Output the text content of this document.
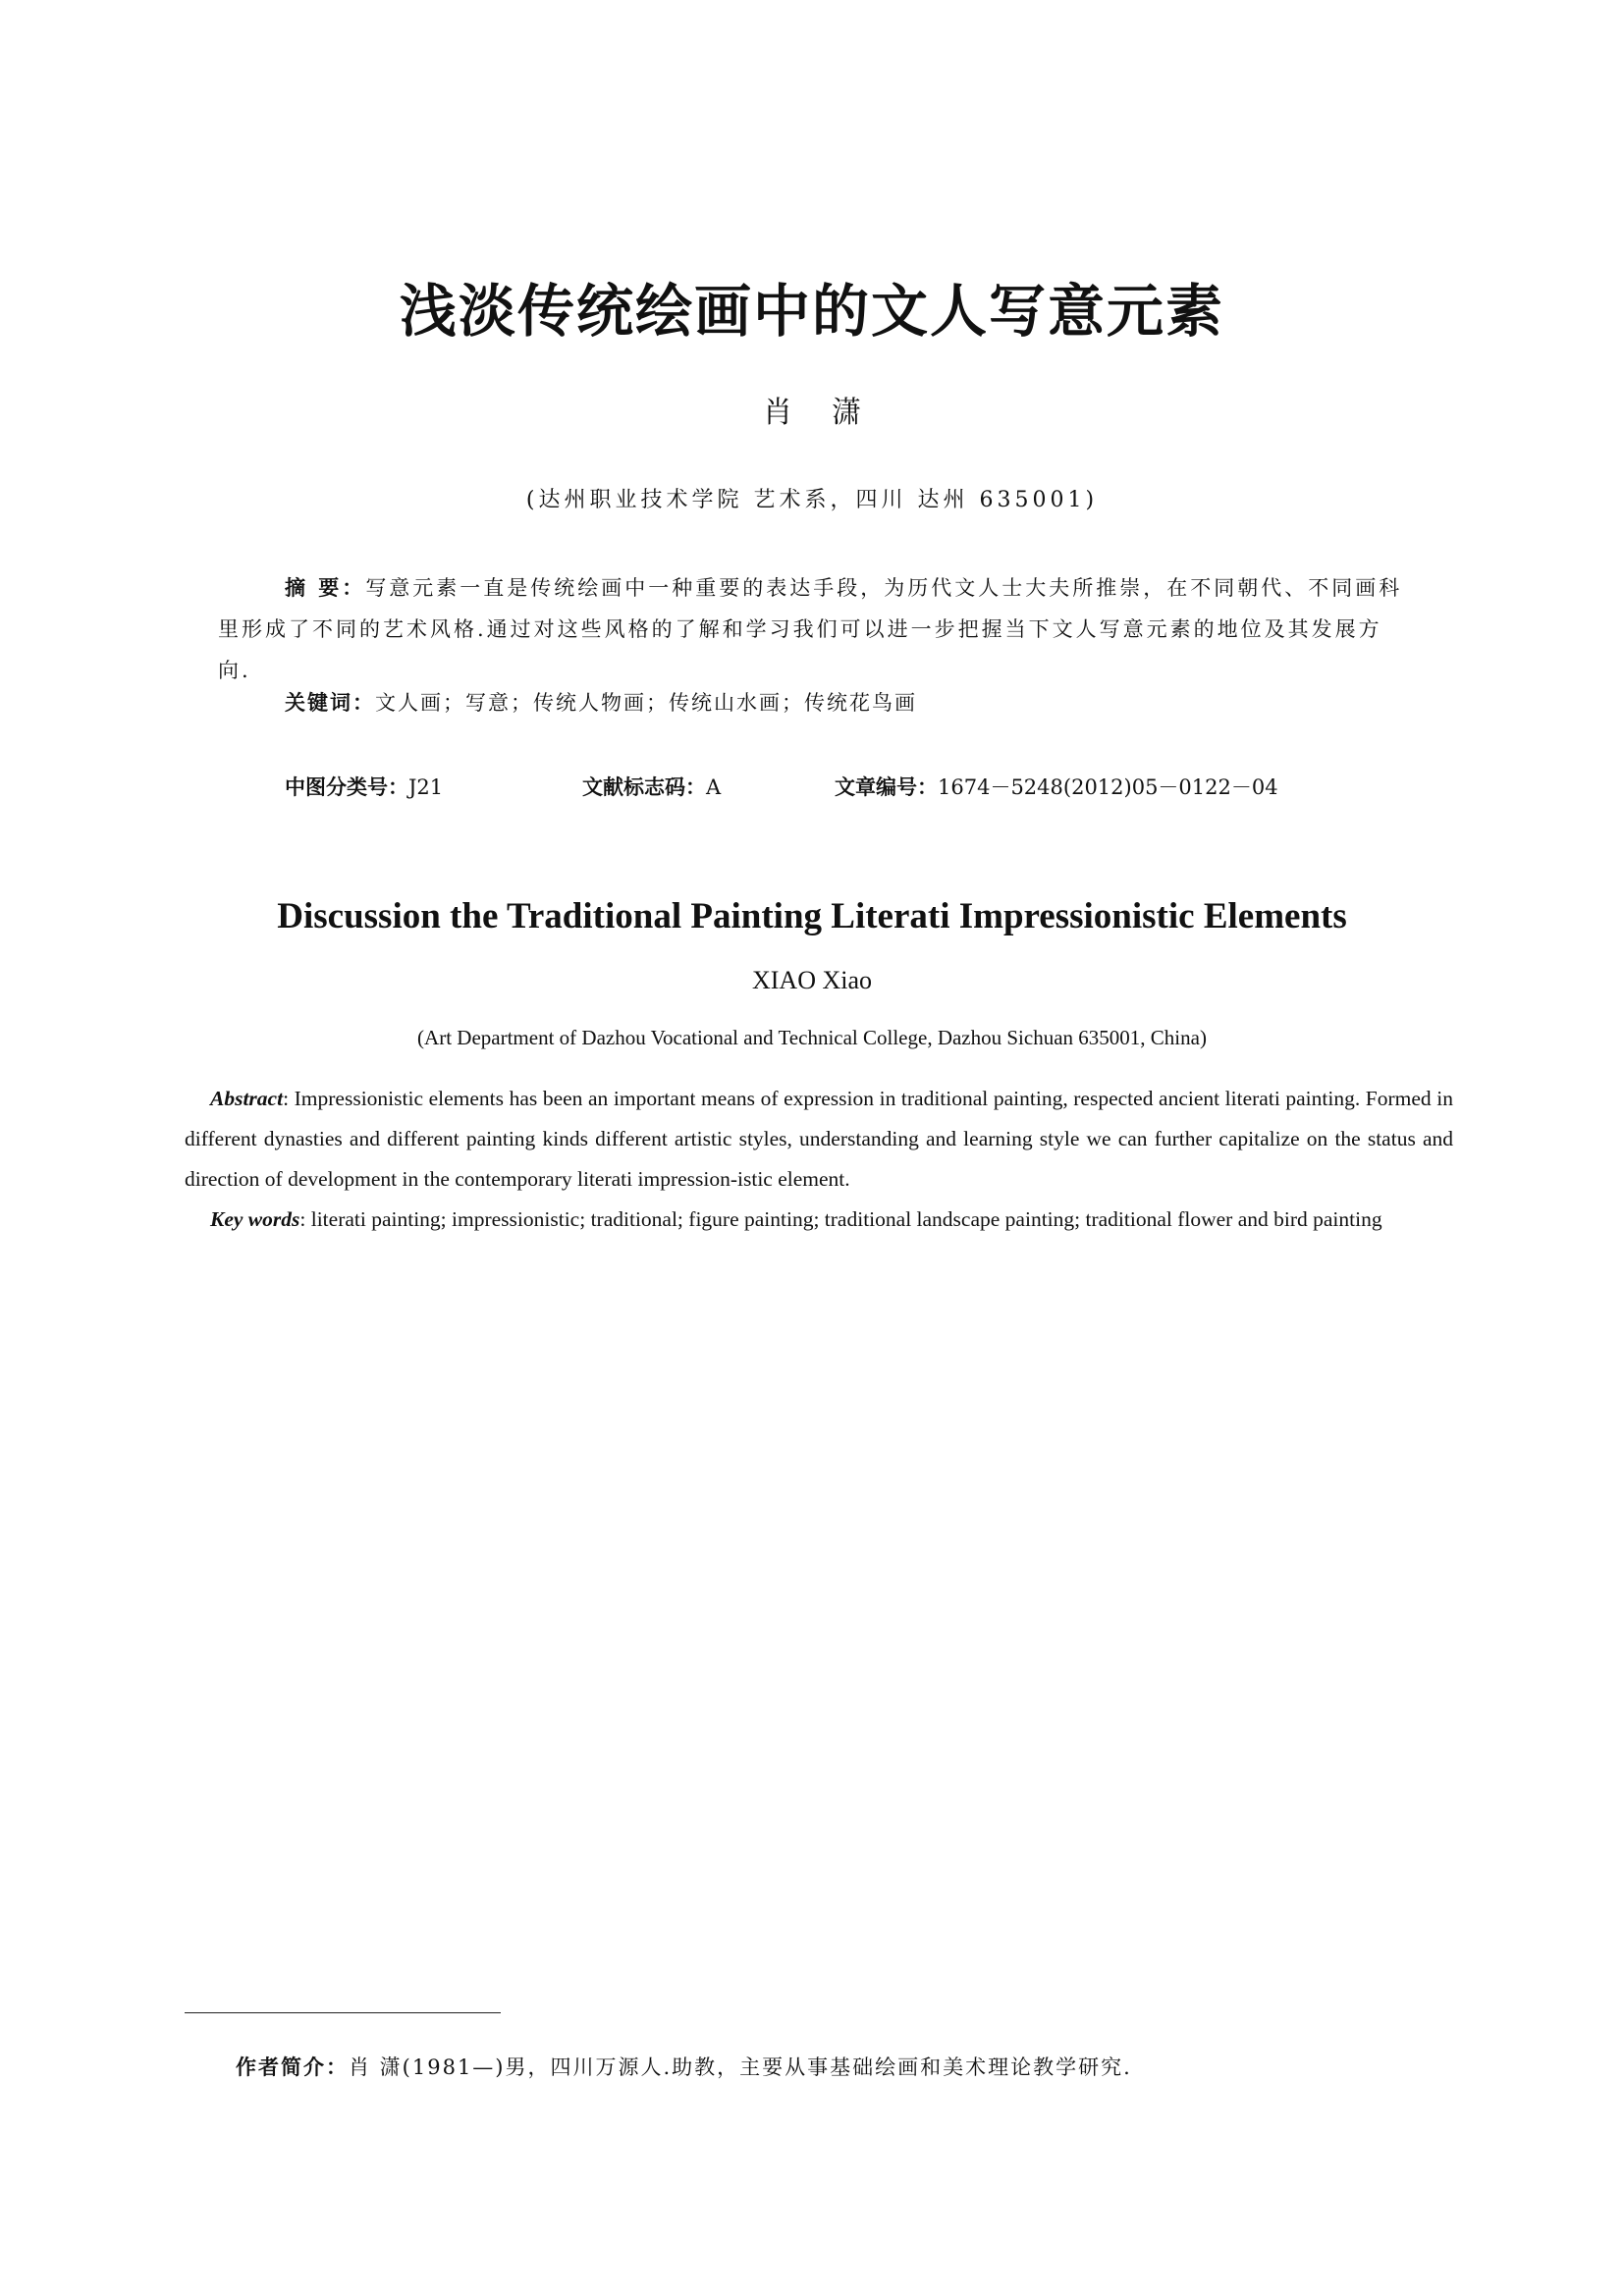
浅淡传统绘画中的文人写意元素
肖潇
(达州职业技术学院 艺术系，四川 达州 635001)
摘 要：写意元素一直是传统绘画中一种重要的表达手段，为历代文人士大夫所推崇，在不同朝代、不同画科里形成了不同的艺术风格.通过对这些风格的了解和学习我们可以进一步把握当下文人写意元素的地位及其发展方向.
关键词：文人画；写意；传统人物画；传统山水画；传统花鸟画
中图分类号：J21	文献标志码：A	文章编号：1674－5248(2012)05－0122－04
Discussion the Traditional Painting Literati Impressionistic Elements
XIAO Xiao
(Art Department of Dazhou Vocational and Technical College, Dazhou Sichuan 635001, China)

Abstract: Impressionistic elements has been an important means of expression in traditional painting, respected ancient literati painting. Formed in different dynasties and different painting kinds different artistic styles, understanding and learning style we can further capitalize on the status and direction of development in the contemporary literati impression-istic element.

Key words: literati painting; impressionistic; traditional; figure painting; traditional landscape painting; traditional flower and bird painting

作者简介：肖 潇(1981—)男，四川万源人.助教，主要从事基础绘画和美术理论教学研究.
